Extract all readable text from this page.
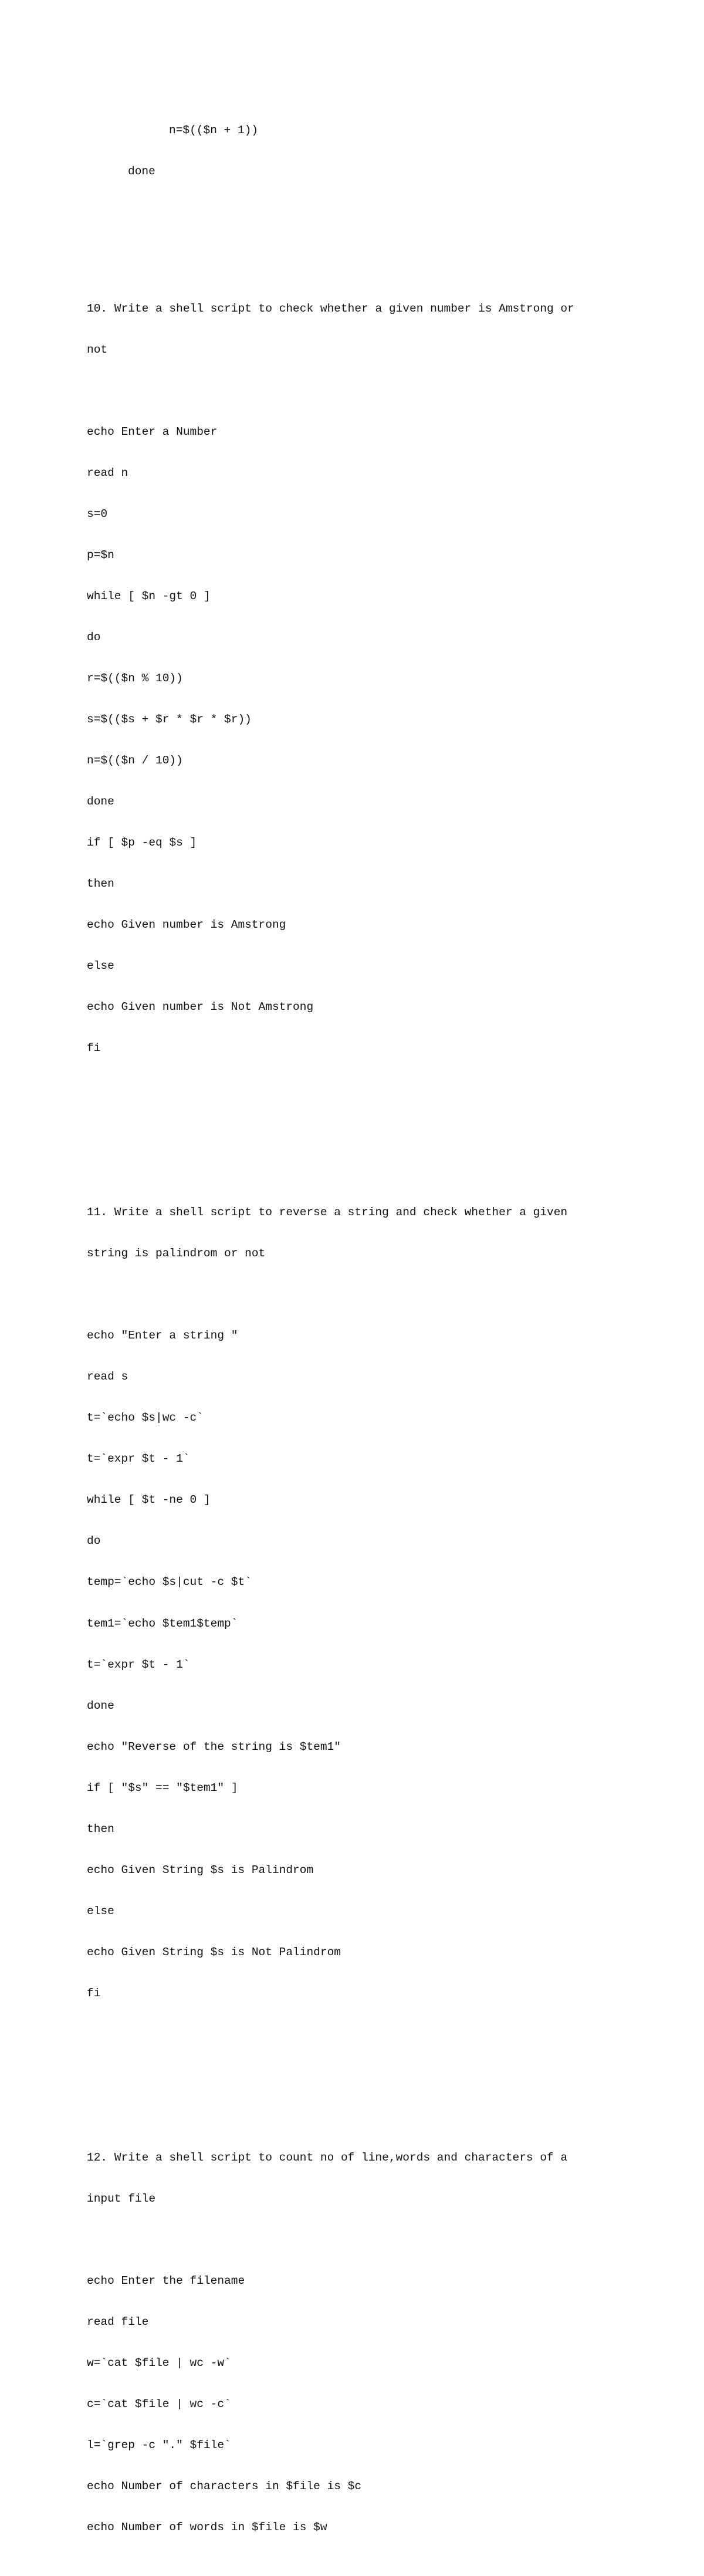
n=$(($n + 1))

done

10. Write a shell script to check whether a given number is Amstrong or

not

echo Enter a Number

read n

s=0

p=$n

while [ $n -gt 0 ]

do

r=$(($n % 10))

s=$(($s + $r * $r * $r))

n=$(($n / 10))

done

if [ $p -eq $s ]

then

echo Given number is Amstrong

else

echo Given number is Not Amstrong

fi

11. Write a shell script to reverse a string and check whether a given

string is palindrom or not

echo "Enter a string "

read s

t=`echo $s|wc -c`

t=`expr $t - 1`

while [ $t -ne 0 ]

do

temp=`echo $s|cut -c $t`

tem1=`echo $tem1$temp`

t=`expr $t - 1`

done

echo "Reverse of the string is $tem1"

if [ "$s" == "$tem1" ]

then

echo Given String $s is Palindrom

else

echo Given String $s is Not Palindrom

fi

12. Write a shell script to count no of line,words and characters of a

input file

echo Enter the filename

read file

w=`cat $file | wc -w`

c=`cat $file | wc -c`

l=`grep -c "." $file`

echo Number of characters in $file is $c

echo Number of words in $file is $w
